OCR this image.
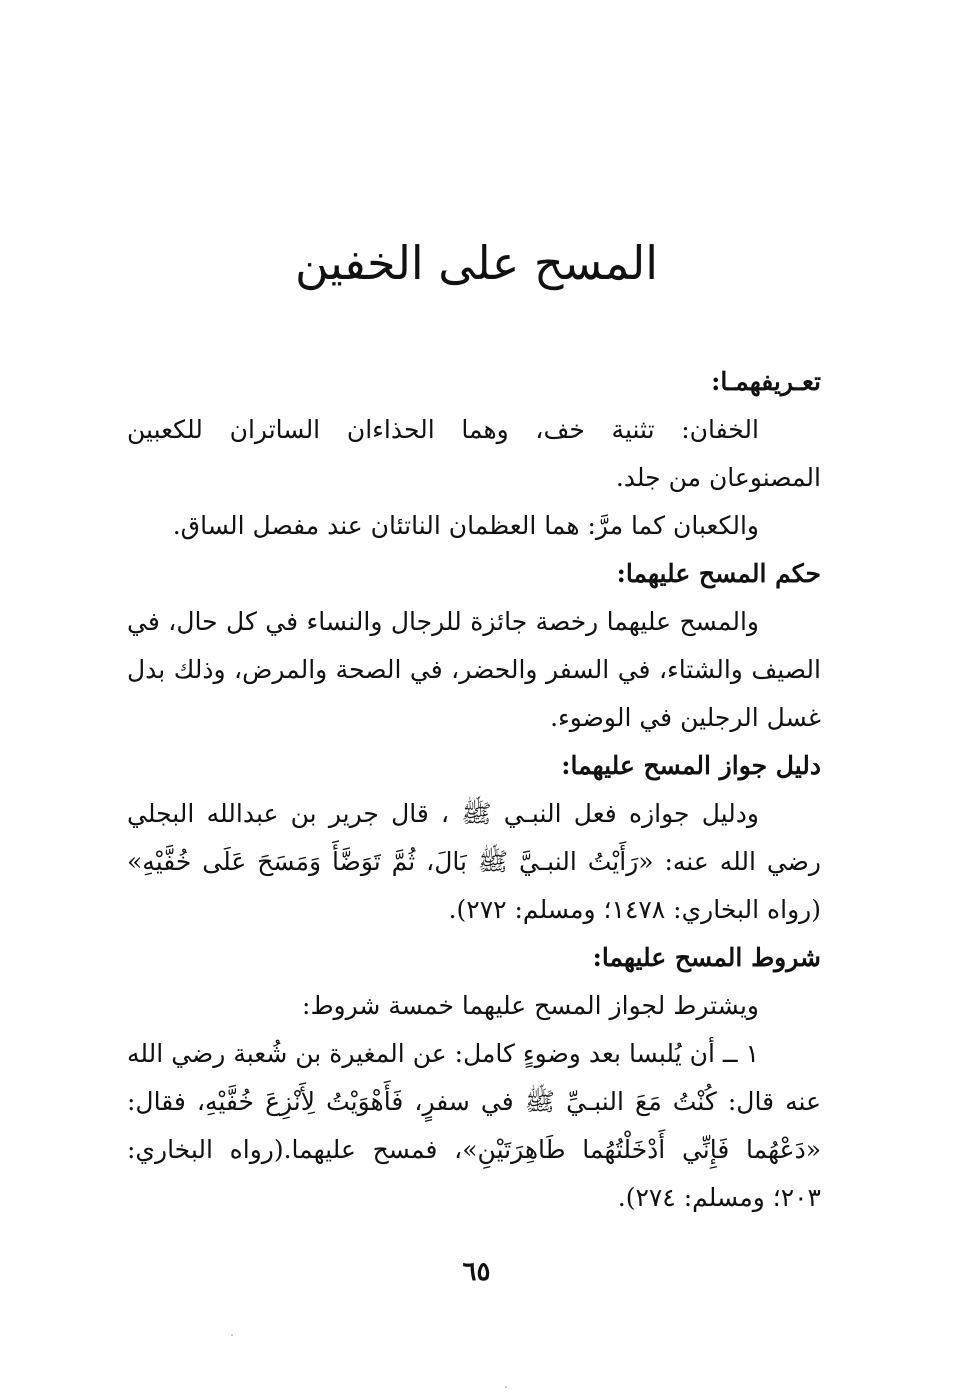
المسح على الخفين

تعـريفهمـا:

الخفان: تثنية خف، وهما الحذاءان الساتران للكعبين المصنوعان من جلد.

والكعبان كما مرَّ: هما العظمان الناتئان عند مفصل الساق.

حكم المسح عليهما:

والمسح عليهما رخصة جائزة للرجال والنساء في كل حال، في الصيف والشتاء، في السفر والحضر، في الصحة والمرض، وذلك بدل غسل الرجلين في الوضوء.

دليل جواز المسح عليهما:

ودليل جوازه فعل النبـي ﷺ ، قال جرير بن عبدالله البجلي رضي الله عنه: «رَأَيْتُ النبـيَّ ﷺ بَالَ، ثُمَّ تَوَضَّأَ وَمَسَحَ عَلَى خُفَّيْهِ» (رواه البخاري: ١٤٧٨؛ ومسلم: ٢٧٢).

شروط المسح عليهما:

ويشترط لجواز المسح عليهما خمسة شروط:

١ ــ أن يُلبسا بعد وضوءٍ كامل: عن المغيرة بن شُعبة رضي الله عنه قال: كُنْتُ مَعَ النبـيِّ ﷺ في سفرٍ، فَأَهْوَيْتُ لِأَنْزِعَ خُفَّيْهِ، فقال: «دَعْهُما فَإِنِّي أَدْخَلْتُهُما طَاهِرَتَيْنِ»، فمسح عليهما.(رواه البخاري: ٢٠٣؛ ومسلم: ٢٧٤).

٦٥
